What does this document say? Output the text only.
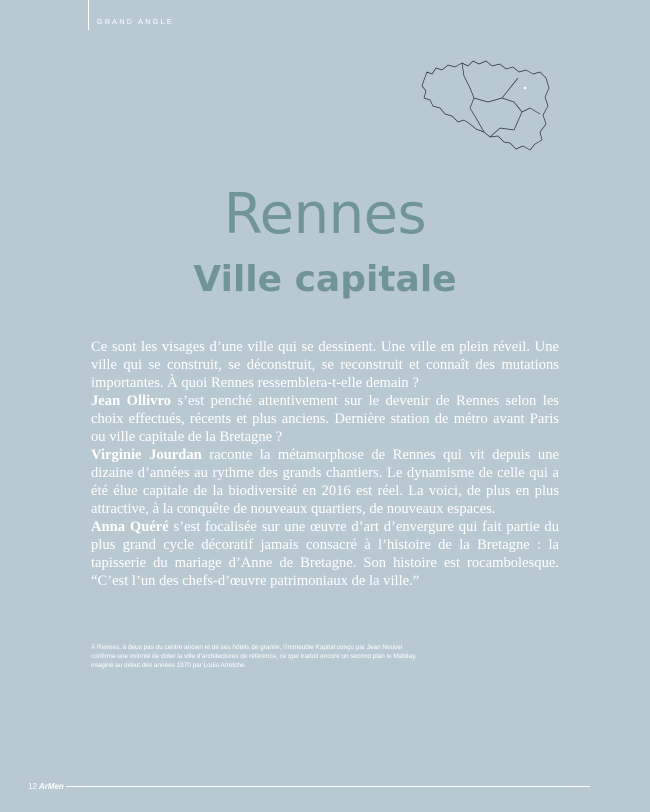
GRAND ANGLE
Rennes
Ville capitale

Ce sont les visages d’une ville qui se dessinent. Une ville en plein réveil. Une ville qui se construit, se déconstruit, se reconstruit et connaît des mutations importantes. À quoi Rennes ressemblera-t-elle demain ?

Jean Ollivro s’est penché attentivement sur le devenir de Rennes selon les choix effectués, récents et plus anciens. Dernière station de métro avant Paris ou ville capitale de la Bretagne ?

Virginie Jourdan raconte la métamorphose de Rennes qui vit depuis une dizaine d’années au rythme des grands chantiers. Le dynamisme de celle qui a été élue capitale de la biodiversité en 2016 est réel. La voici, de plus en plus attractive, à la conquête de nouveaux quartiers, de nouveaux espaces.

Anna Quéré s’est focalisée sur une œuvre d’art d’envergure qui fait partie du plus grand cycle décoratif jamais consacré à l’histoire de la Bretagne : la tapisserie du mariage d’Anne de Bretagne. Son histoire est rocambolesque. “C’est l’un des chefs-d’œuvre patrimoniaux de la ville.”

À Rennes, à deux pas du centre ancien et de ses hôtels de granite, l’immeuble Kapital conçu par Jean Nouvel
confirme une volonté de doter la ville d’architectures de référence, ce que traduit encore un second plan le Mabilay,
imaginé au début des années 1970 par Louis Arretche.
12 ArMen
